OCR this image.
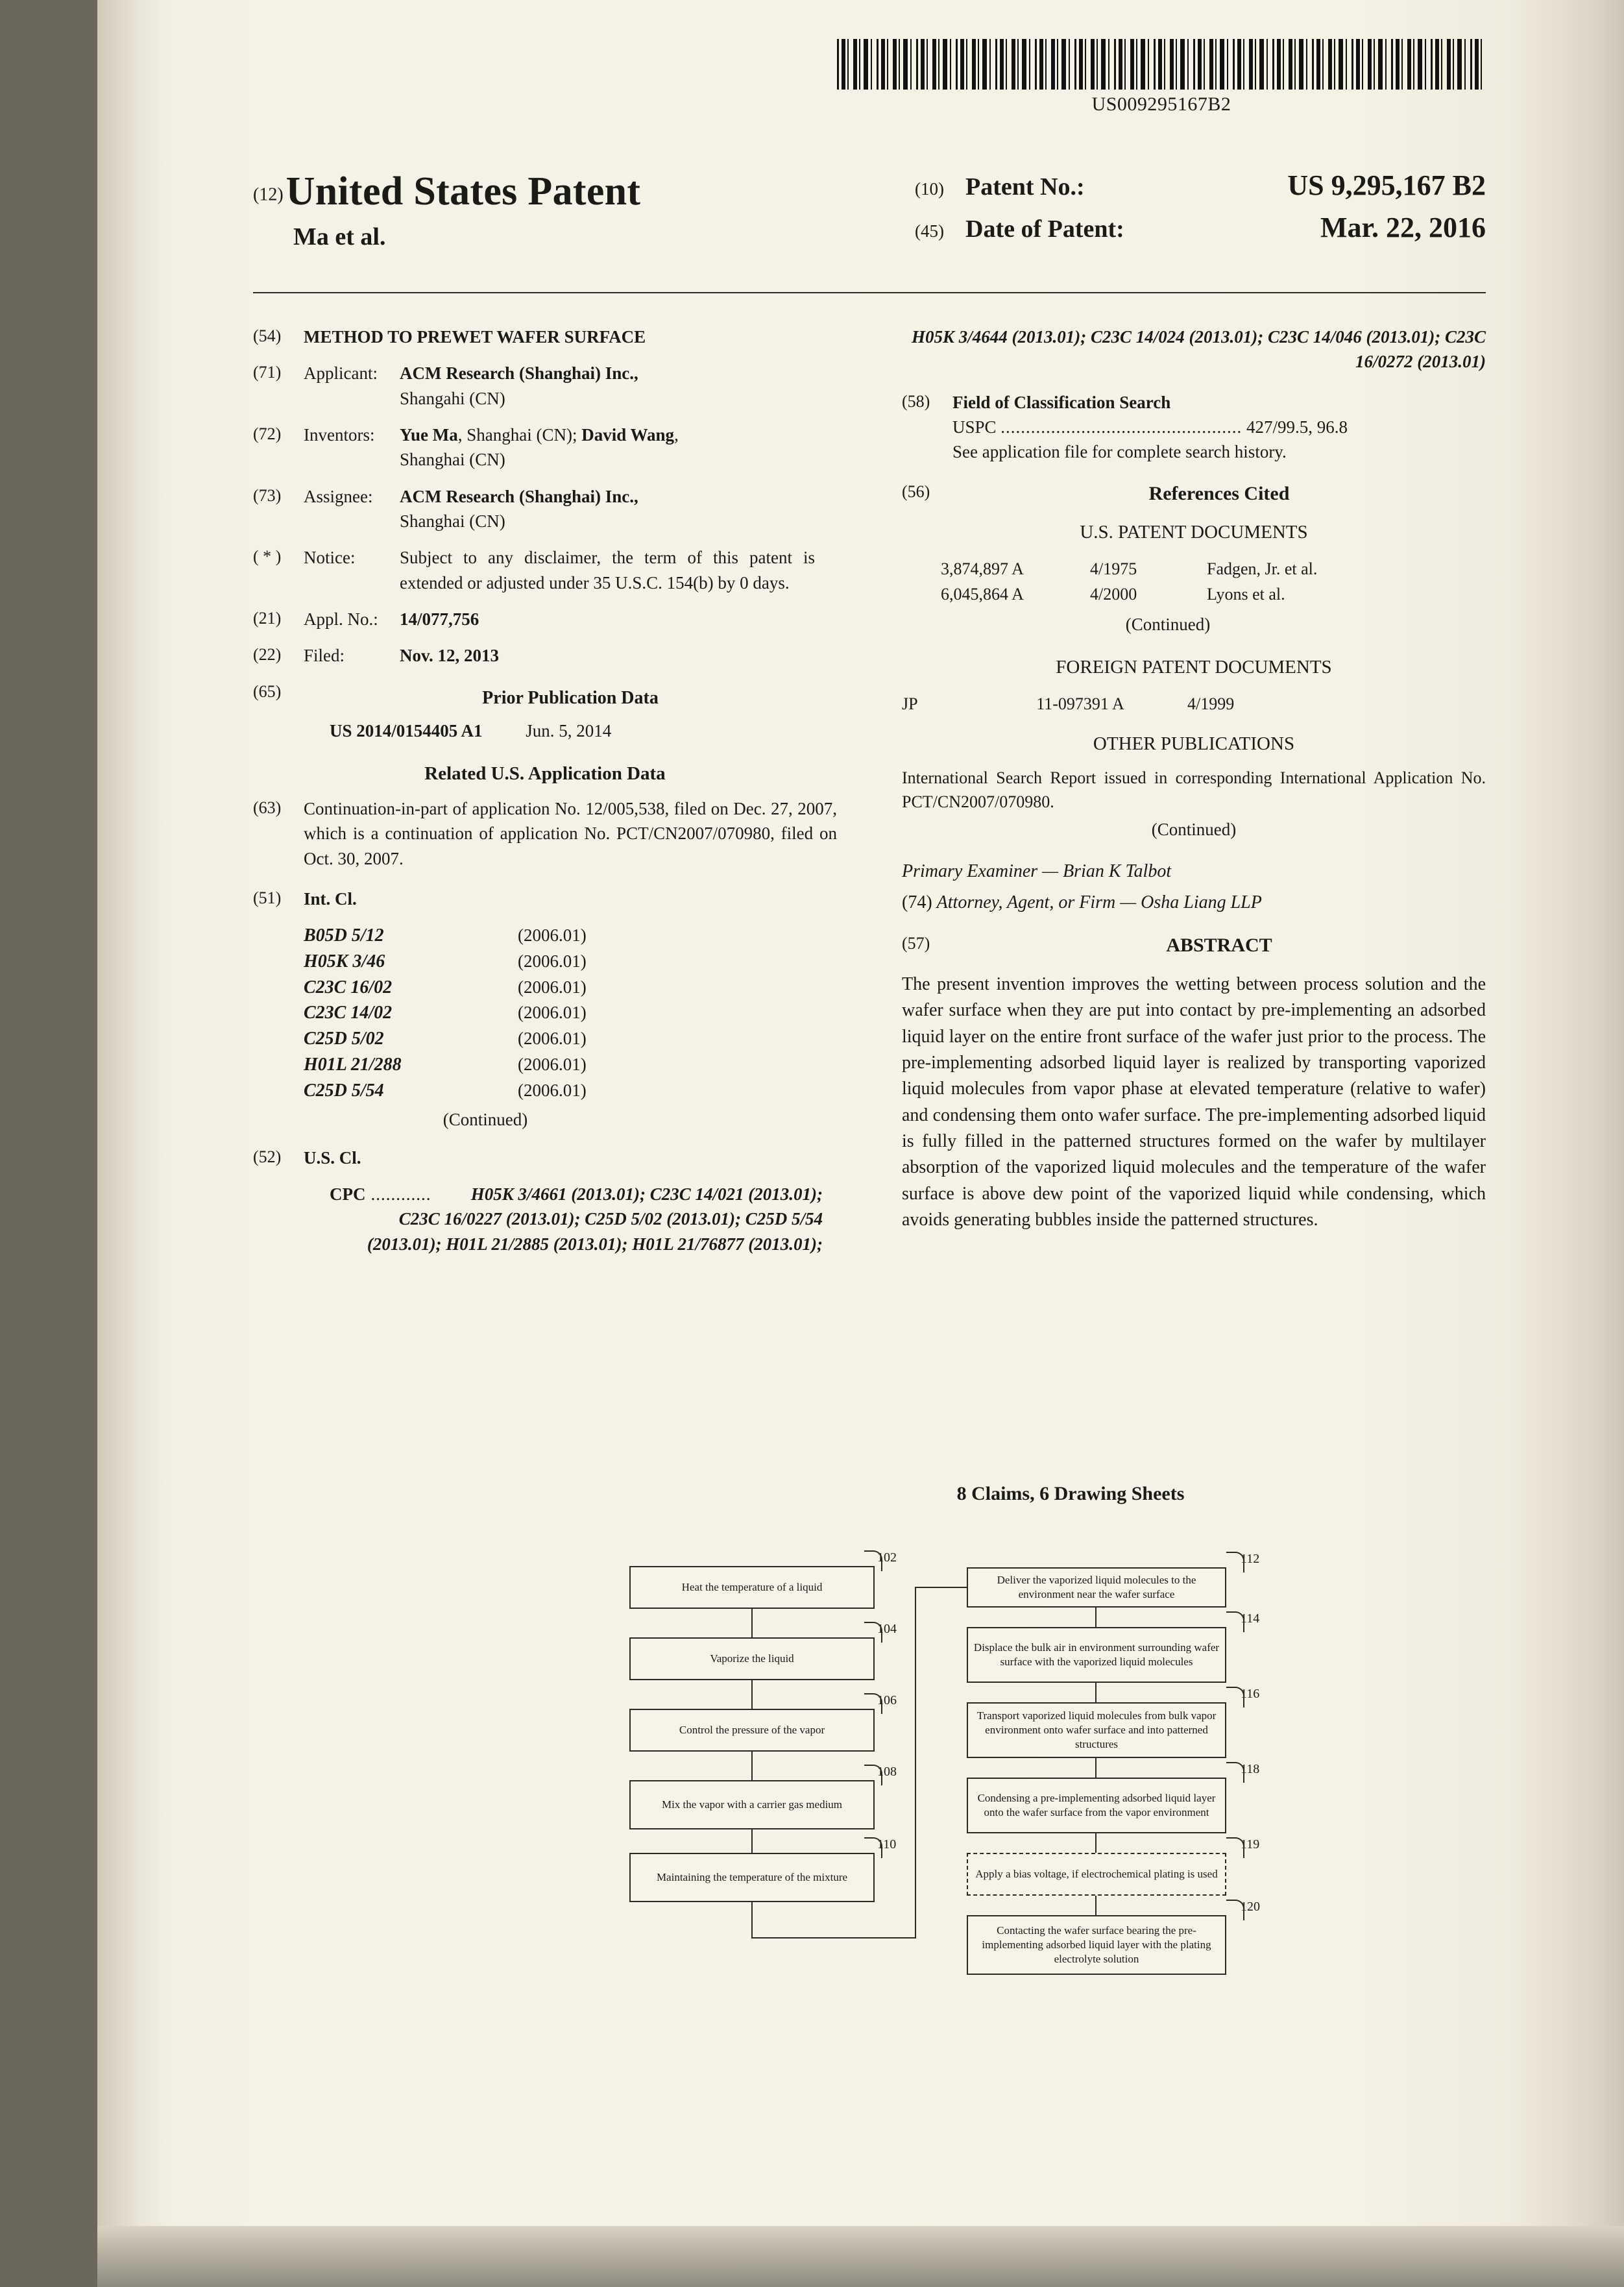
US009295167B2
(12) United States Patent
Ma et al.
(10) Patent No.:	US 9,295,167 B2
(45) Date of Patent:	Mar. 22, 2016
(54)	METHOD TO PREWET WAFER SURFACE
(71)	Applicant: ACM Research (Shanghai) Inc.,
Shangahi (CN)
(72)	Inventors: Yue Ma, Shanghai (CN); David Wang,
Shanghai (CN)
(73)	Assignee: ACM Research (Shanghai) Inc.,
Shanghai (CN)
( * )	Notice:	Subject to any disclaimer, the term of this patent is extended or adjusted under 35 U.S.C. 154(b) by 0 days.
(21)	Appl. No.: 14/077,756
(22)	Filed:	Nov. 12, 2013
(65)	Prior Publication Data
US 2014/0154405 A1 Jun. 5, 2014
Related U.S. Application Data
(63)	Continuation-in-part of application No. 12/005,538, filed on Dec. 27, 2007, which is a continuation of application No. PCT/CN2007/070980, filed on Oct. 30, 2007.
(51)	Int. Cl.
B05D 5/12	(2006.01)
H05K 3/46	(2006.01)
C23C 16/02	(2006.01)
C23C 14/02	(2006.01)
C25D 5/02	(2006.01)
H01L 21/288	(2006.01)
C25D 5/54	(2006.01)
(Continued)
(52)	U.S. Cl.
CPC ............	H05K 3/4661 (2013.01); C23C 14/021 (2013.01); C23C 16/0227 (2013.01); C25D 5/02 (2013.01); C25D 5/54 (2013.01); H01L 21/2885 (2013.01); H01L 21/76877 (2013.01);
H05K 3/4644 (2013.01); C23C 14/024 (2013.01); C23C 14/046 (2013.01); C23C 16/0272 (2013.01)
(58)	Field of Classification Search
USPC ................................................ 427/99.5, 96.8
See application file for complete search history.
(56)	References Cited
U.S. PATENT DOCUMENTS
3,874,897 A	4/1975	Fadgen, Jr. et al.
6,045,864 A	4/2000	Lyons et al.
(Continued)
FOREIGN PATENT DOCUMENTS
JP	11-097391 A	4/1999
OTHER PUBLICATIONS
International Search Report issued in corresponding International Application No. PCT/CN2007/070980.
(Continued)
Primary Examiner — Brian K Talbot
(74) Attorney, Agent, or Firm — Osha Liang LLP
(57)	ABSTRACT
The present invention improves the wetting between process solution and the wafer surface when they are put into contact by pre-implementing an adsorbed liquid layer on the entire front surface of the wafer just prior to the process. The pre-implementing adsorbed liquid layer is realized by transporting vaporized liquid molecules from vapor phase at elevated temperature (relative to wafer) and condensing them onto wafer surface. The pre-implementing adsorbed liquid is fully filled in the patterned structures formed on the wafer by multilayer absorption of the vaporized liquid molecules and the temperature of the wafer surface is above dew point of the vaporized liquid while condensing, which avoids generating bubbles inside the patterned structures.
8 Claims, 6 Drawing Sheets
Heat the temperature of a liquid
102
Vaporize the liquid
104
Control the pressure of the vapor
106
Mix the vapor with a carrier gas medium
108
Maintaining the temperature of the mixture
110
Deliver the vaporized liquid molecules to the environment near the wafer surface
112
Displace the bulk air in environment surrounding wafer surface with the vaporized liquid molecules
114
Transport vaporized liquid molecules from bulk vapor environment onto wafer surface and into patterned structures
116
Condensing a pre-implementing adsorbed liquid layer onto the wafer surface from the vapor environment
118
Apply a bias voltage, if electrochemical plating is used
119
Contacting the wafer surface bearing the pre-implementing adsorbed liquid layer with the plating electrolyte solution
120
